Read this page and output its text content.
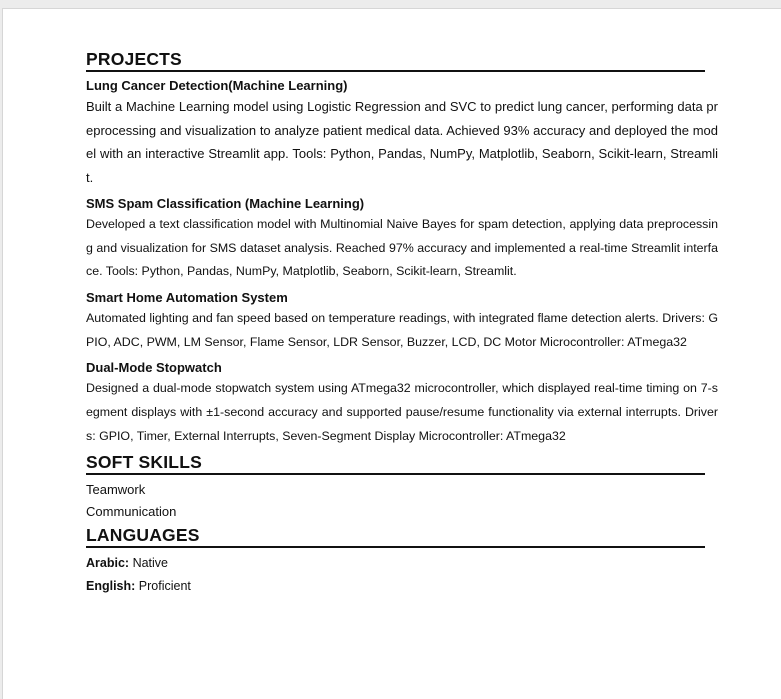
PROJECTS
Lung Cancer Detection(Machine Learning)

Built a Machine Learning model using Logistic Regression and SVC to predict lung cancer, performing data preprocessing and visualization to analyze patient medical data. Achieved 93% accuracy and deployed the model with an interactive Streamlit app. Tools: Python, Pandas, NumPy, Matplotlib, Seaborn, Scikit-learn, Streamlit.

SMS Spam Classification (Machine Learning)

Developed a text classification model with Multinomial Naive Bayes for spam detection, applying data preprocessing and visualization for SMS dataset analysis. Reached 97% accuracy and implemented a real-time Streamlit interface. Tools: Python, Pandas, NumPy, Matplotlib, Seaborn, Scikit-learn, Streamlit.

Smart Home Automation System

Automated lighting and fan speed based on temperature readings, with integrated flame detection alerts. Drivers: GPIO, ADC, PWM, LM Sensor, Flame Sensor, LDR Sensor, Buzzer, LCD, DC Motor Microcontroller: ATmega32

Dual-Mode Stopwatch

Designed a dual-mode stopwatch system using ATmega32 microcontroller, which displayed real-time timing on 7-segment displays with ±1-second accuracy and supported pause/resume functionality via external interrupts. Drivers: GPIO, Timer, External Interrupts, Seven-Segment Display Microcontroller: ATmega32

SOFT SKILLS
Teamwork
Communication
LANGUAGES
Arabic: Native
English: Proficient
